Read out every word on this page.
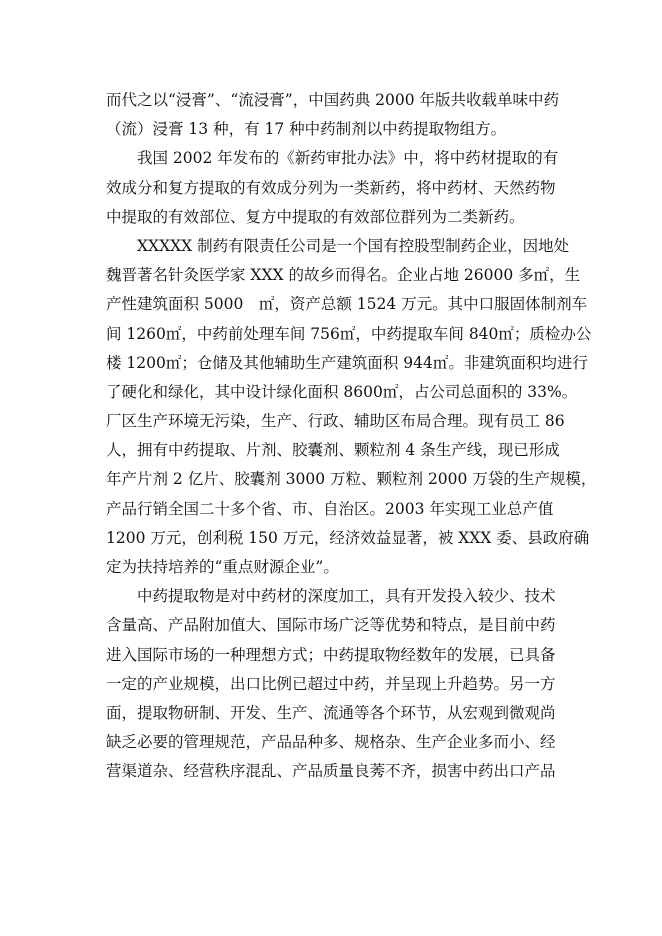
而代之以“浸膏”、“流浸膏”，中国药典 2000 年版共收载单味中药
（流）浸膏 13 种，有 17 种中药制剂以中药提取物组方。
我国 2002 年发布的《新药审批办法》中，将中药材提取的有
效成分和复方提取的有效成分列为一类新药，将中药材、天然药物
中提取的有效部位、复方中提取的有效部位群列为二类新药。
XXXXX 制药有限责任公司是一个国有控股型制药企业，因地处
魏晋著名针灸医学家 XXX 的故乡而得名。企业占地 26000 多㎡，生
产性建筑面积 5000　㎡，资产总额 1524 万元。其中口服固体制剂车
间 1260㎡，中药前处理车间 756㎡，中药提取车间 840㎡；质检办公
楼 1200㎡；仓储及其他辅助生产建筑面积 944㎡。非建筑面积均进行
了硬化和绿化，其中设计绿化面积 8600㎡，占公司总面积的 33%。
厂区生产环境无污染，生产、行政、辅助区布局合理。现有员工 86
人，拥有中药提取、片剂、胶囊剂、颗粒剂 4 条生产线，现已形成
年产片剂 2 亿片、胶囊剂 3000 万粒、颗粒剂 2000 万袋的生产规模，
产品行销全国二十多个省、市、自治区。2003 年实现工业总产值
1200 万元，创利税 150 万元，经济效益显著，被 XXX 委、县政府确
定为扶持培养的“重点财源企业”。
中药提取物是对中药材的深度加工，具有开发投入较少、技术
含量高、产品附加值大、国际市场广泛等优势和特点，是目前中药
进入国际市场的一种理想方式；中药提取物经数年的发展，已具备
一定的产业规模，出口比例已超过中药，并呈现上升趋势。另一方
面，提取物研制、开发、生产、流通等各个环节，从宏观到微观尚
缺乏必要的管理规范，产品品种多、规格杂、生产企业多而小、经
营渠道杂、经营秩序混乱、产品质量良莠不齐，损害中药出口产品
